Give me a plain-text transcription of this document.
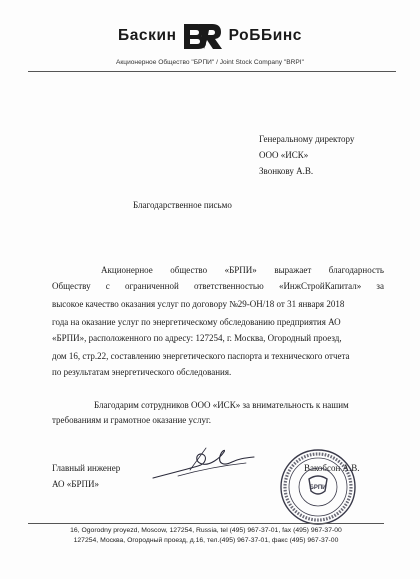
Баскин	РоББинс
Акционерное Общество "БРПИ" / Joint Stock Company "BRPI"
Генеральному директору
ООО «ИСК»
Звонкову А.В.
Благодарственное письмо
Акционерное общество «БРПИ» выражает благодарность
Обществу с ограниченной ответственностью «ИнжСтройКапитал» за
высокое качество оказания услуг по договору №29-ОН/18 от 31 января 2018
года на оказание услуг по энергетическому обследованию предприятия АО
«БРПИ», расположенного по адресу: 127254, г. Москва, Огородный проезд,
дом 16, стр.22, составлению энергетического паспорта и технического отчета
по результатам энергетического обследования.
Благодарим сотрудников ООО «ИСК» за внимательность к нашим
требованиям и грамотное оказание услуг.
Главный инженер
АО «БРПИ»
Вакобсон А.В.
БРПИ
16, Ogorodny proyezd, Moscow, 127254, Russia, tel (495) 967-37-01, fax (495) 967-37-00
127254, Москва, Огородный проезд, д.16, тел.(495) 967-37-01, факс (495) 967-37-00
